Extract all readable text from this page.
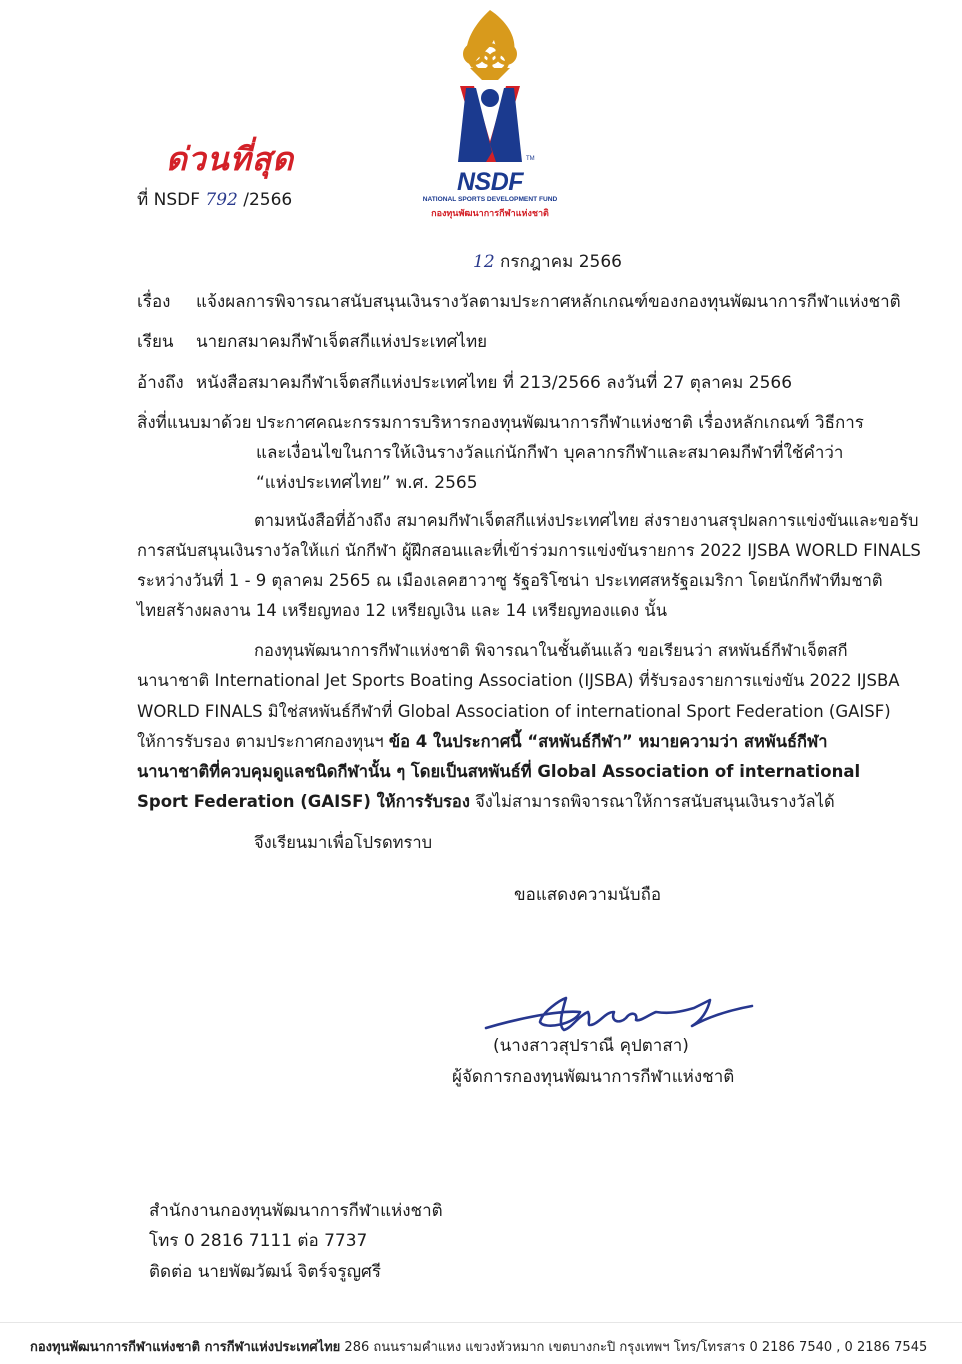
ด่วนที่สุด
ที่ NSDF 792 /2566
TM
NSDF
NATIONAL SPORTS DEVELOPMENT FUND
กองทุนพัฒนาการกีฬาแห่งชาติ
12 กรกฎาคม 2566
เรื่อง แจ้งผลการพิจารณาสนับสนุนเงินรางวัลตามประกาศหลักเกณฑ์ของกองทุนพัฒนาการกีฬาแห่งชาติ
เรียน นายกสมาคมกีฬาเจ็ตสกีแห่งประเทศไทย
อ้างถึง หนังสือสมาคมกีฬาเจ็ตสกีแห่งประเทศไทย ที่ 213/2566 ลงวันที่ 27 ตุลาคม 2566
สิ่งที่แนบมาด้วย ประกาศคณะกรรมการบริหารกองทุนพัฒนาการกีฬาแห่งชาติ เรื่องหลักเกณฑ์ วิธีการ
และเงื่อนไขในการให้เงินรางวัลแก่นักกีฬา บุคลากรกีฬาและสมาคมกีฬาที่ใช้คำว่า
“แห่งประเทศไทย” พ.ศ. 2565
ตามหนังสือที่อ้างถึง สมาคมกีฬาเจ็ตสกีแห่งประเทศไทย ส่งรายงานสรุปผลการแข่งขันและขอรับ
การสนับสนุนเงินรางวัลให้แก่ นักกีฬา ผู้ฝึกสอนและที่เข้าร่วมการแข่งขันรายการ 2022 IJSBA WORLD FINALS
ระหว่างวันที่ 1 - 9 ตุลาคม 2565 ณ เมืองเลคฮาวาซู รัฐอริโซน่า ประเทศสหรัฐอเมริกา โดยนักกีฬาทีมชาติ
ไทยสร้างผลงาน 14 เหรียญทอง 12 เหรียญเงิน และ 14 เหรียญทองแดง นั้น
กองทุนพัฒนาการกีฬาแห่งชาติ พิจารณาในชั้นต้นแล้ว ขอเรียนว่า สหพันธ์กีฬาเจ็ตสกี
นานาชาติ International Jet Sports Boating Association (IJSBA) ที่รับรองรายการแข่งขัน 2022 IJSBA
WORLD FINALS มิใช่สหพันธ์กีฬาที่ Global Association of international Sport Federation (GAISF)
ให้การรับรอง ตามประกาศกองทุนฯ ข้อ 4 ในประกาศนี้ “สหพันธ์กีฬา” หมายความว่า สหพันธ์กีฬา
นานาชาติที่ควบคุมดูแลชนิดกีฬานั้น ๆ โดยเป็นสหพันธ์ที่ Global Association of international
Sport Federation (GAISF) ให้การรับรอง จึงไม่สามารถพิจารณาให้การสนับสนุนเงินรางวัลได้
จึงเรียนมาเพื่อโปรดทราบ
ขอแสดงความนับถือ
(นางสาวสุปราณี คุปตาสา)
ผู้จัดการกองทุนพัฒนาการกีฬาแห่งชาติ
สำนักงานกองทุนพัฒนาการกีฬาแห่งชาติ
โทร 0 2816 7111 ต่อ 7737
ติดต่อ นายพัฒวัฒน์ จิตร์จรูญศรี
กองทุนพัฒนาการกีฬาแห่งชาติ การกีฬาแห่งประเทศไทย 286 ถนนรามคำแหง แขวงหัวหมาก เขตบางกะปิ กรุงเทพฯ โทร/โทรสาร 0 2186 7540 , 0 2186 7545
